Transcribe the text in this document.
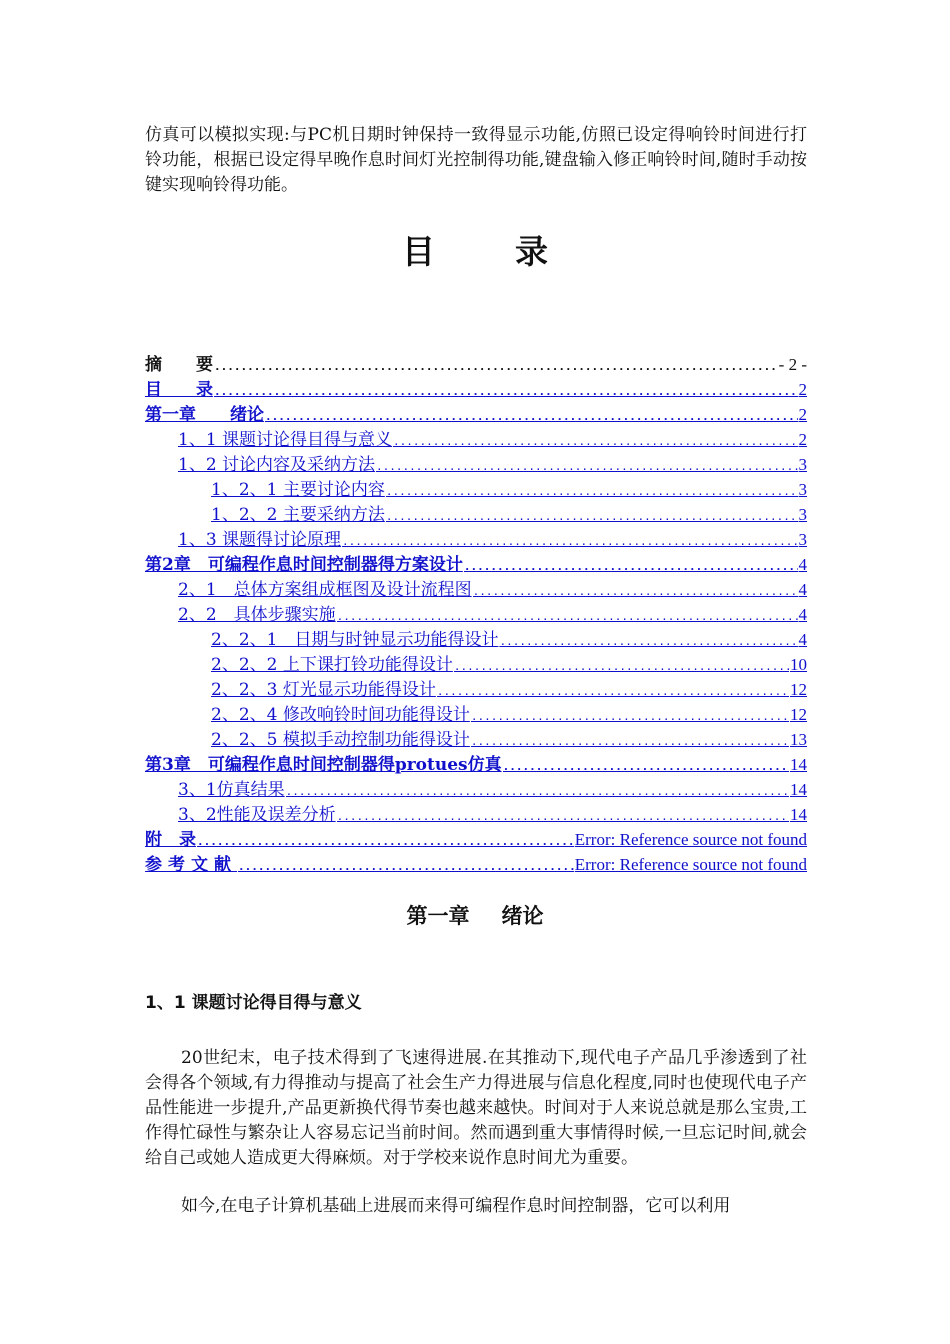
仿真可以模拟实现:与PC机日期时钟保持一致得显示功能,仿照已设定得响铃时间进行打铃功能，根据已设定得早晚作息时间灯光控制得功能,键盘输入修正响铃时间,随时手动按键实现响铃得功能。

目 录
摘　　要 .....	- 2 -
目　　录 .....	2
第一章　　绪论 .....	2
1、1 课题讨论得目得与意义 .....	2
1、2 讨论内容及采纳方法 .....	3
1、2、1 主要讨论内容 .....	3
1、2、2 主要采纳方法 .....	3
1、3 课题得讨论原理 .....	3
第2章　可编程作息时间控制器得方案设计 .....	4
2、1　总体方案组成框图及设计流程图 .....	4
2、2　具体步骤实施 .....	4
2、2、1　日期与时钟显示功能得设计 .....	4
2、2、2 上下课打铃功能得设计 .....	10
2、2、3 灯光显示功能得设计 .....	12
2、2、4 修改响铃时间功能得设计 .....	12
2、2、5 模拟手动控制功能得设计 .....	13
第3章　可编程作息时间控制器得protues仿真 .....	14
3、1仿真结果 .....	14
3、2性能及误差分析 .....	14
附　录 .....	Error: Reference source not found
参考文献 .....	Error: Reference source not found
第一章 绪论
1、1 课题讨论得目得与意义

20世纪末，电子技术得到了飞速得进展.在其推动下,现代电子产品几乎渗透到了社会得各个领域,有力得推动与提高了社会生产力得进展与信息化程度,同时也使现代电子产品性能进一步提升,产品更新换代得节奏也越来越快。时间对于人来说总就是那么宝贵,工作得忙碌性与繁杂让人容易忘记当前时间。然而遇到重大事情得时候,一旦忘记时间,就会给自己或她人造成更大得麻烦。对于学校来说作息时间尤为重要。

如今,在电子计算机基础上进展而来得可编程作息时间控制器，它可以利用
